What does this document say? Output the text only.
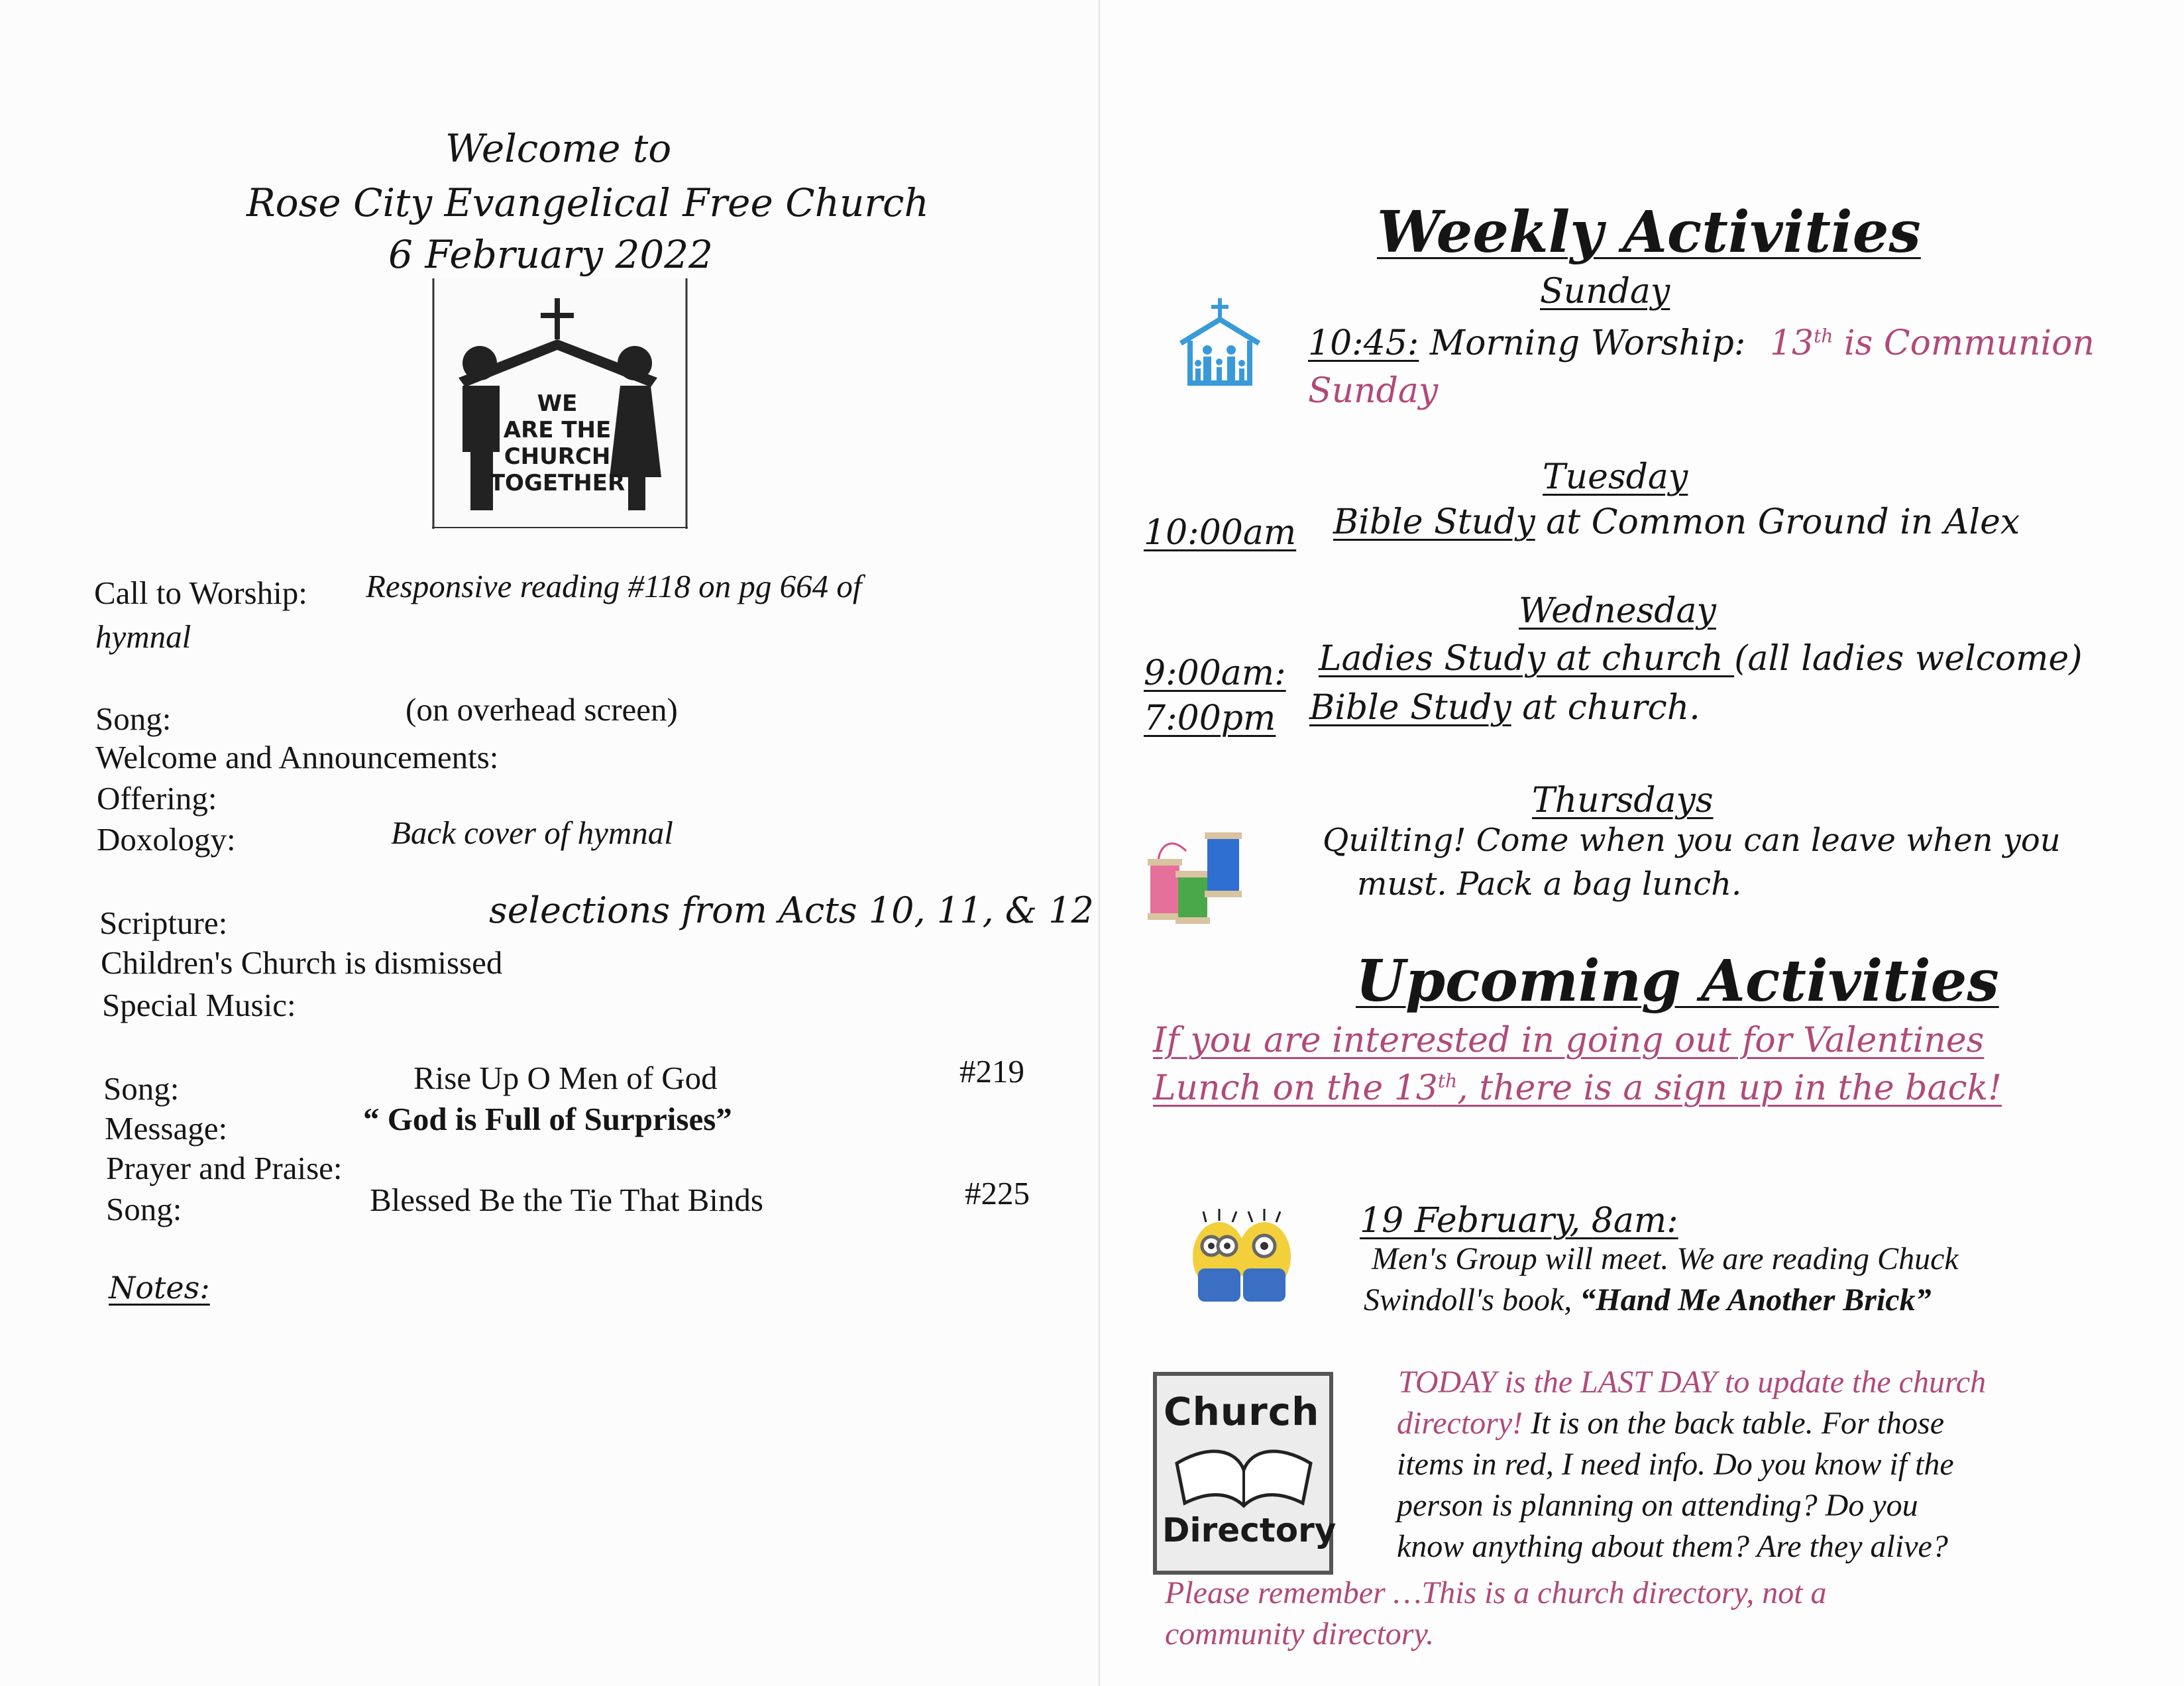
Welcome to
Rose City Evangelical Free Church
6 February 2022
WE
ARE THE
CHURCH
TOGETHER
Call to Worship: Responsive reading #118 on pg 664 of
hymnal
Song:	(on overhead screen)
Welcome and Announcements:
Offering:
Doxology:	Back cover of hymnal
Scripture:	selections from Acts 10, 11, & 12
Children's Church is dismissed
Special Music:
Song:	Rise Up O Men of God	#219
Message:	“ God is Full of Surprises”
Prayer and Praise:
Song:	Blessed Be the Tie That Binds	#225
Notes:
Weekly Activities
Sunday
10:45: Morning Worship: 13th is Communion
Sunday
Tuesday
10:00am Bible Study at Common Ground in Alex
Wednesday
9:00am: Ladies Study at church (all ladies welcome)
7:00pm Bible Study at church.
Thursdays
Quilting! Come when you can leave when you
must. Pack a bag lunch.
Upcoming Activities
If you are interested in going out for Valentines
Lunch on the 13th, there is a sign up in the back!
19 February, 8am:
Men's Group will meet. We are reading Chuck
Swindoll's book, “Hand Me Another Brick”
Church
Directory
TODAY is the LAST DAY to update the church
directory! It is on the back table. For those
items in red, I need info. Do you know if the
person is planning on attending? Do you
know anything about them? Are they alive?
Please remember …This is a church directory, not a
community directory.
